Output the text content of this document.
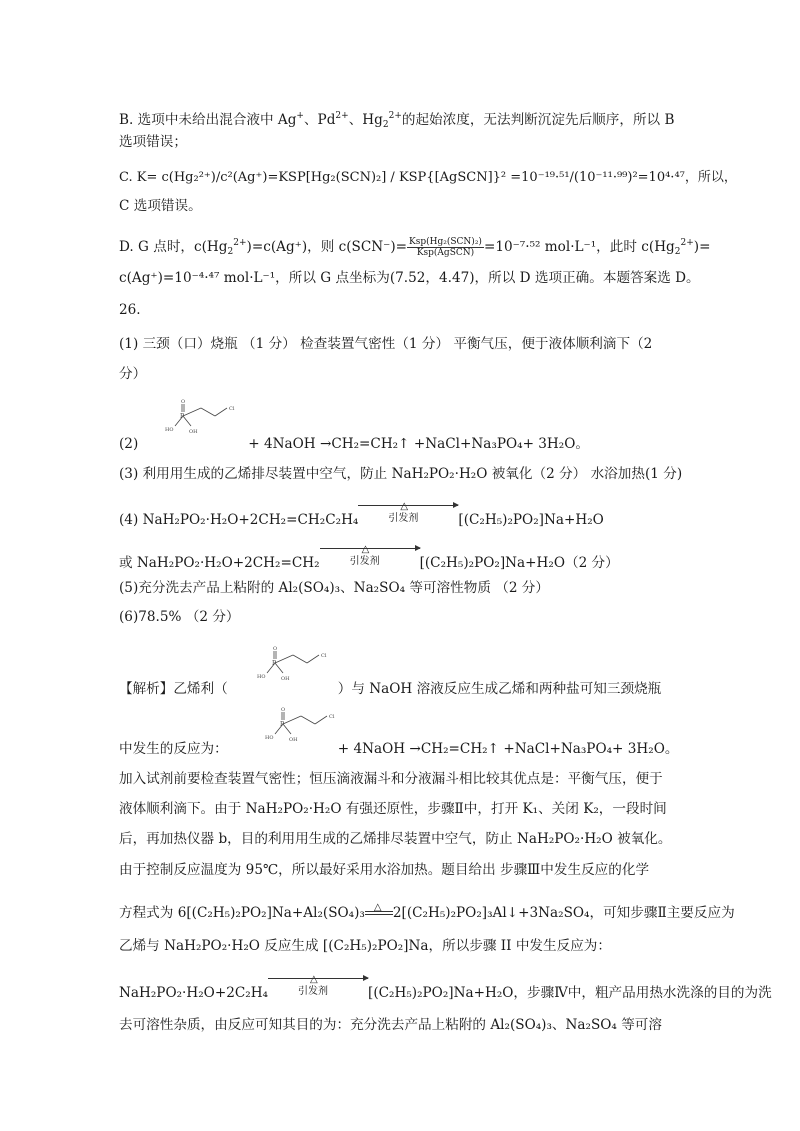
B. 选项中未给出混合液中 Ag+、$Pd^{2+}$、$Hg_2^{2+}$的起始浓度，无法判断沉淀先后顺序，所以 B
选项错误；
C. K= c(Hg₂²⁺)/c²(Ag⁺)=KSP[Hg₂(SCN)₂] / KSP{[AgSCN]}² =10⁻¹⁹·⁵¹/(10⁻¹¹·⁹⁹)²=10⁴·⁴⁷，所以，
C 选项错误。
D. G 点时，$c(Hg_2^{2+})=c(Ag^+)$，则 $c(SCN^-)= \frac{\text{Ksp(Hg₂(SCN)₂)}}{\text{Ksp(AgSCN)}} =10^{-7}\cdot^{52}$ mol·L⁻¹，此时 $c(Hg_2^{2+})=$
c(Ag⁺)=10⁻⁴·⁴⁷ mol·L⁻¹，所以 G 点坐标为(7.52，4.47)，所以 D 选项正确。本题答案选 D。
26.
(1) 三颈（口）烧瓶 （1 分） 检查装置气密性（1 分） 平衡气压，便于液体顺利滴下（2
分）
O
P
HO	OH
Cl
(2)	+ 4NaOH →CH₂=CH₂↑ +NaCl+Na₃PO₄+ 3H₂O。
(3) 利用用生成的乙烯排尽装置中空气，防止 NaH₂PO₂·H₂O 被氧化（2 分） 水浴加热(1 分)
(4) NaH₂PO₂·H₂O+2CH₂=CH₂C₂H₄
△
引发剂	[(C₂H₅)₂PO₂]Na+H₂O
或 NaH₂PO₂·H₂O+2CH₂=CH₂
△
引发剂	[(C₂H₅)₂PO₂]Na+H₂O（2 分）
(5)充分洗去产品上粘附的 Al₂(SO₄)₃、Na₂SO₄ 等可溶性物质 （2 分）
(6)78.5% （2 分）
O
P
HO	OH
Cl
【解析】乙烯利（	）与 NaOH 溶液反应生成乙烯和两种盐可知三颈烧瓶
O
P
HO	OH
Cl
中发生的反应为：	+ 4NaOH →CH₂=CH₂↑ +NaCl+Na₃PO₄+ 3H₂O。
加入试剂前要检查装置气密性；恒压滴液漏斗和分液漏斗相比较其优点是：平衡气压，便于
液体顺利滴下。由于 NaH₂PO₂·H₂O 有强还原性，步骤Ⅱ中，打开 K₁、关闭 K₂，一段时间
后，再加热仪器 b，目的利用用生成的乙烯排尽装置中空气，防止 NaH₂PO₂·H₂O 被氧化。
由于控制反应温度为 95℃，所以最好采用水浴加热。题目给出 步骤Ⅲ中发生反应的化学
方程式为 6[(C₂H₅)₂PO₂]Na+Al₂(SO₄)₃ △ 2[(C₂H₅)₂PO₂]₃Al↓+3Na₂SO₄，可知步骤Ⅱ主要反应为
乙烯与 NaH₂PO₂·H₂O 反应生成 [(C₂H₅)₂PO₂]Na，所以步骤 II 中发生反应为：
NaH₂PO₂·H₂O+2C₂H₄
△
引发剂	[(C₂H₅)₂PO₂]Na+H₂O，步骤Ⅳ中，粗产品用热水洗涤的目的为洗
去可溶性杂质，由反应可知其目的为：充分洗去产品上粘附的 Al₂(SO₄)₃、Na₂SO₄ 等可溶
